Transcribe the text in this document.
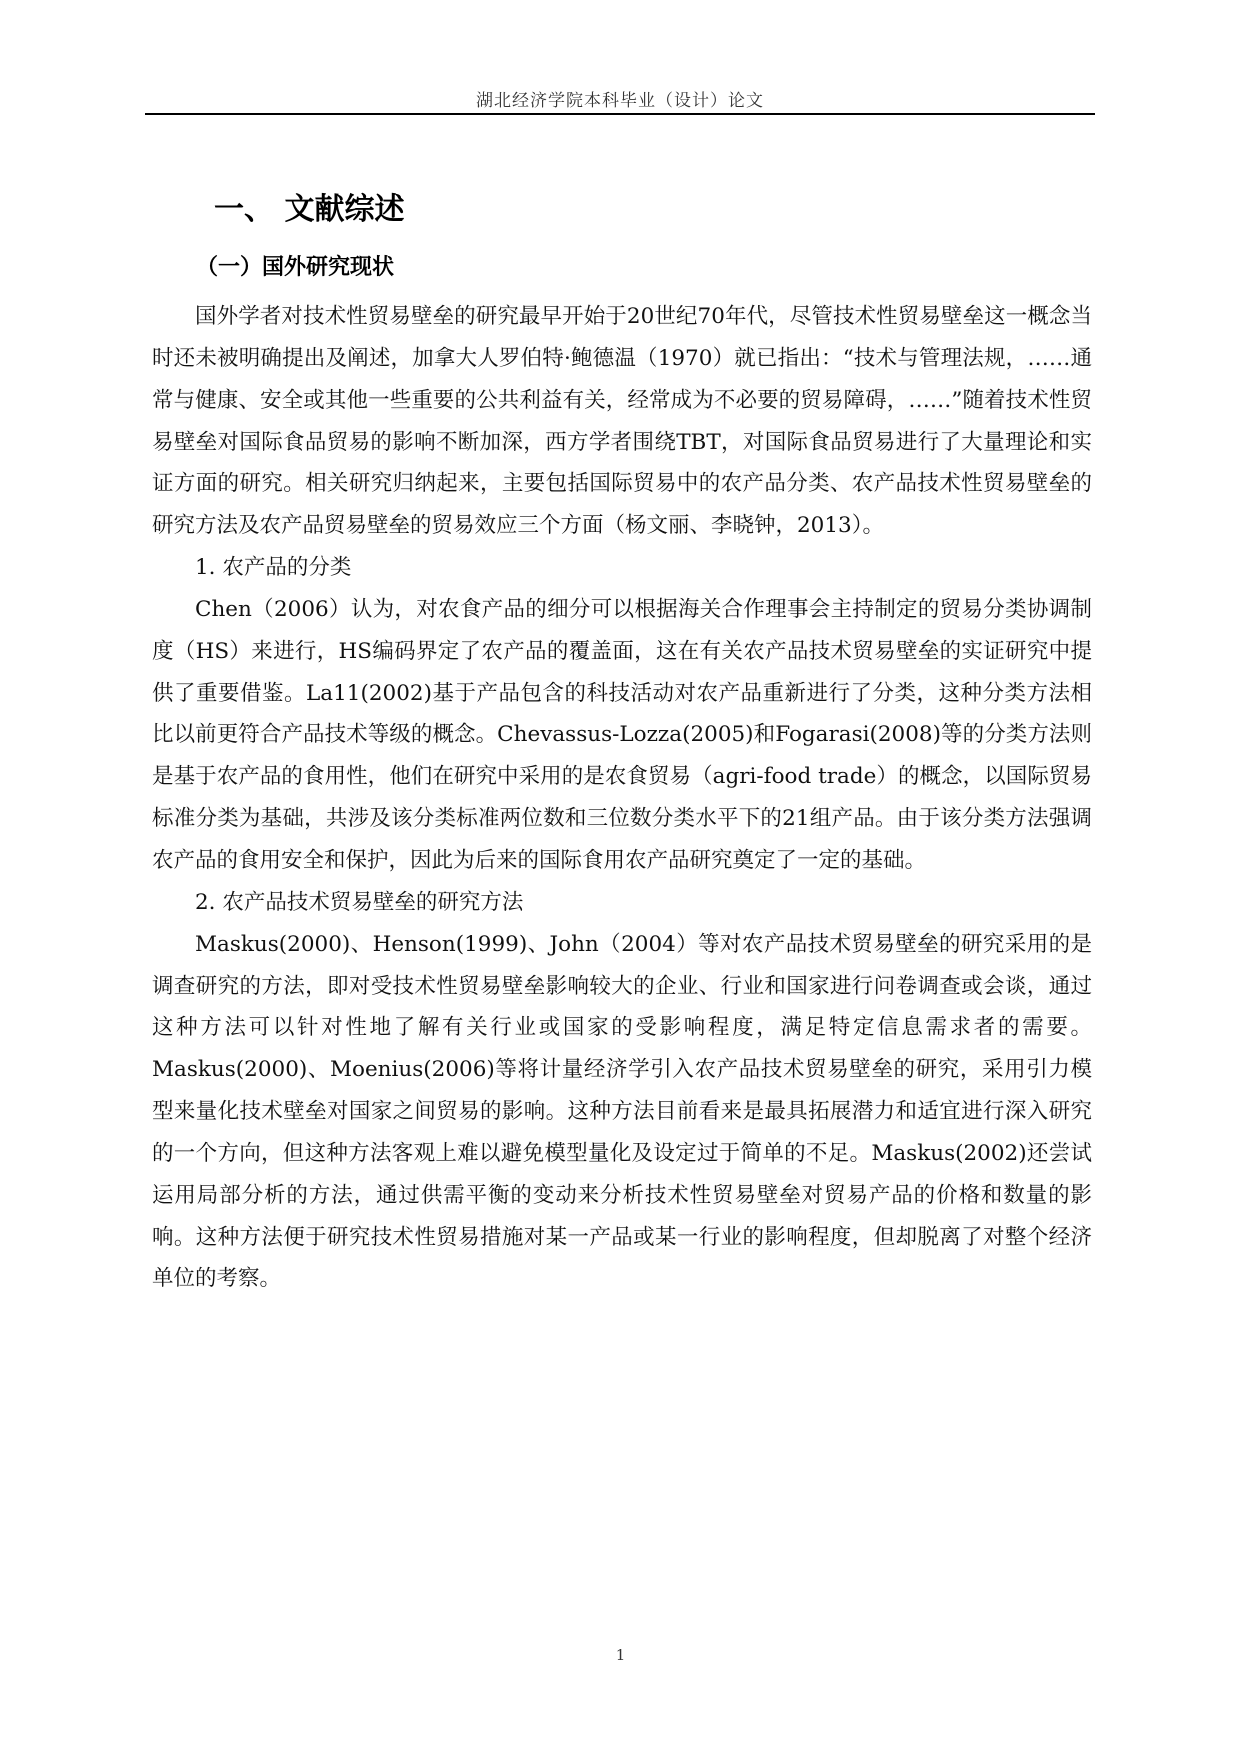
湖北经济学院本科毕业（设计）论文
一、 文献综述
（一）国外研究现状

国外学者对技术性贸易壁垒的研究最早开始于20世纪70年代，尽管技术性贸易壁垒这一概念当时还未被明确提出及阐述，加拿大人罗伯特·鲍德温（1970）就已指出：“技术与管理法规，……通常与健康、安全或其他一些重要的公共利益有关，经常成为不必要的贸易障碍，……”随着技术性贸易壁垒对国际食品贸易的影响不断加深，西方学者围绕TBT，对国际食品贸易进行了大量理论和实证方面的研究。相关研究归纳起来，主要包括国际贸易中的农产品分类、农产品技术性贸易壁垒的研究方法及农产品贸易壁垒的贸易效应三个方面（杨文丽、李晓钟，2013）。

1. 农产品的分类

Chen（2006）认为，对农食产品的细分可以根据海关合作理事会主持制定的贸易分类协调制度（HS）来进行，HS编码界定了农产品的覆盖面，这在有关农产品技术贸易壁垒的实证研究中提供了重要借鉴。La11(2002)基于产品包含的科技活动对农产品重新进行了分类，这种分类方法相比以前更符合产品技术等级的概念。Chevassus-Lozza(2005)和Fogarasi(2008)等的分类方法则是基于农产品的食用性，他们在研究中采用的是农食贸易（agri-food trade）的概念，以国际贸易标准分类为基础，共涉及该分类标准两位数和三位数分类水平下的21组产品。由于该分类方法强调农产品的食用安全和保护，因此为后来的国际食用农产品研究奠定了一定的基础。

2. 农产品技术贸易壁垒的研究方法

Maskus(2000)、Henson(1999)、John（2004）等对农产品技术贸易壁垒的研究采用的是调查研究的方法，即对受技术性贸易壁垒影响较大的企业、行业和国家进行问卷调查或会谈，通过这种方法可以针对性地了解有关行业或国家的受影响程度，满足特定信息需求者的需要。Maskus(2000)、Moenius(2006)等将计量经济学引入农产品技术贸易壁垒的研究，采用引力模型来量化技术壁垒对国家之间贸易的影响。这种方法目前看来是最具拓展潜力和适宜进行深入研究的一个方向，但这种方法客观上难以避免模型量化及设定过于简单的不足。Maskus(2002)还尝试运用局部分析的方法，通过供需平衡的变动来分析技术性贸易壁垒对贸易产品的价格和数量的影响。这种方法便于研究技术性贸易措施对某一产品或某一行业的影响程度，但却脱离了对整个经济单位的考察。

1
